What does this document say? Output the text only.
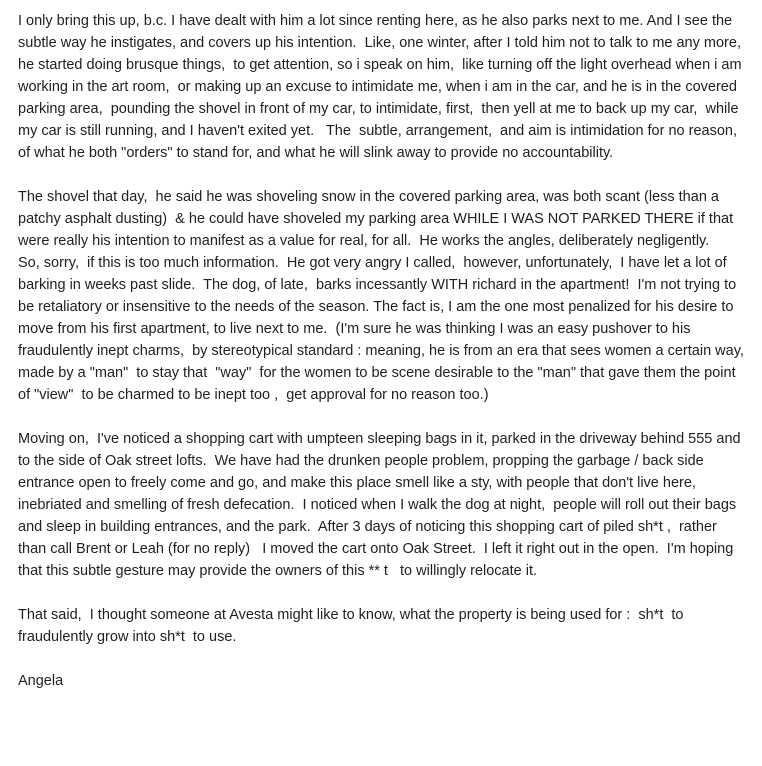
I only bring this up, b.c. I have dealt with him a lot since renting here, as he also parks next to me. And I see the subtle way he instigates, and covers up his intention.  Like, one winter, after I told him not to talk to me any more, he started doing brusque things,  to get attention, so i speak on him,  like turning off the light overhead when i am working in the art room,  or making up an excuse to intimidate me, when i am in the car, and he is in the covered parking area,  pounding the shovel in front of my car, to intimidate, first,  then yell at me to back up my car,  while my car is still running, and I haven't exited yet.   The  subtle, arrangement,  and aim is intimidation for no reason, of what he both "orders" to stand for, and what he will slink away to provide no accountability.

The shovel that day,  he said he was shoveling snow in the covered parking area, was both scant (less than a patchy asphalt dusting)  & he could have shoveled my parking area WHILE I WAS NOT PARKED THERE if that were really his intention to manifest as a value for real, for all.  He works the angles, deliberately negligently.    So, sorry,  if this is too much information.  He got very angry I called,  however, unfortunately,  I have let a lot of barking in weeks past slide.  The dog, of late,  barks incessantly WITH richard in the apartment!  I'm not trying to be retaliatory or insensitive to the needs of the season. The fact is, I am the one most penalized for his desire to move from his first apartment, to live next to me.  (I'm sure he was thinking I was an easy pushover to his fraudulently inept charms,  by stereotypical standard : meaning, he is from an era that sees women a certain way, made by a "man"  to stay that  "way"  for the women to be scene desirable to the "man" that gave them the point of "view"  to be charmed to be inept too ,  get approval for no reason too.)

Moving on,  I've noticed a shopping cart with umpteen sleeping bags in it, parked in the driveway behind 555 and to the side of Oak street lofts.  We have had the drunken people problem, propping the garbage / back side entrance open to freely come and go, and make this place smell like a sty, with people that don't live here, inebriated and smelling of fresh defecation.  I noticed when I walk the dog at night,  people will roll out their bags and sleep in building entrances, and the park.  After 3 days of noticing this shopping cart of piled sh*t ,  rather than call Brent or Leah (for no reply)   I moved the cart onto Oak Street.  I left it right out in the open.  I'm hoping that this subtle gesture may provide the owners of this ** t   to willingly relocate it.

That said,  I thought someone at Avesta might like to know, what the property is being used for :  sh*t  to fraudulently grow into sh*t  to use.

Angela
